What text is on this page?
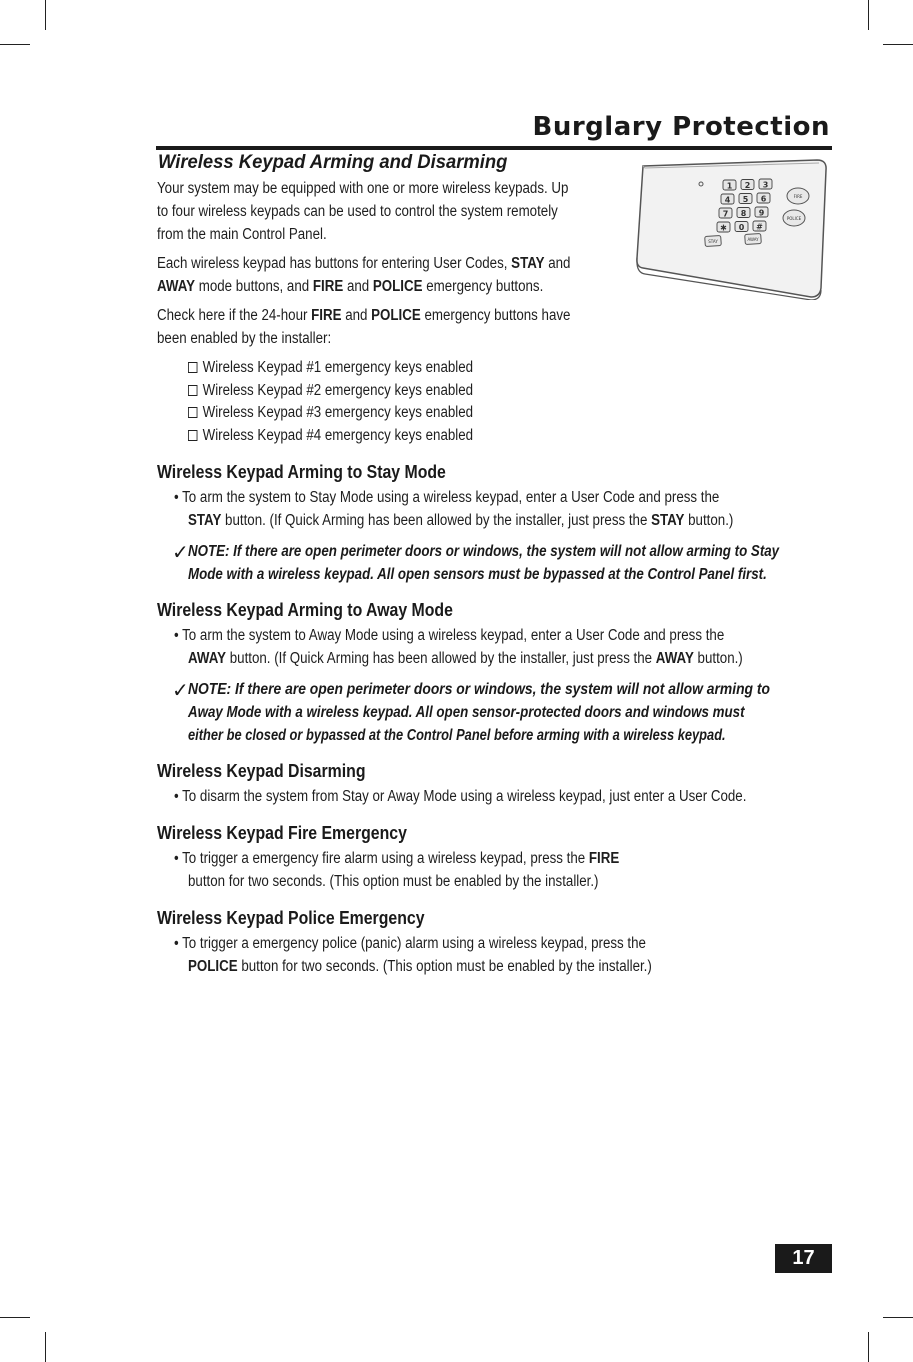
Burglary Protection
Wireless Keypad Arming and Disarming
Your system may be equipped with one or more wireless keypads. Up
to four wireless keypads can be used to control the system remotely
from the main Control Panel.
Each wireless keypad has buttons for entering User Codes, STAY and
AWAY mode buttons, and FIRE and POLICE emergency buttons.
Check here if the 24-hour FIRE and POLICE emergency buttons have
been enabled by the installer:
Wireless Keypad #1 emergency keys enabled
Wireless Keypad #2 emergency keys enabled
Wireless Keypad #3 emergency keys enabled
Wireless Keypad #4 emergency keys enabled
1 2 3
4 5 6
7 8 9
✱ 0 #
FIRE
POLICE
STAY	AWAY
Wireless Keypad Arming to Stay Mode
• To arm the system to Stay Mode using a wireless keypad, enter a User Code and press the
STAY button. (If Quick Arming has been allowed by the installer, just press the STAY button.)
✓ NOTE: If there are open perimeter doors or windows, the system will not allow arming to Stay
Mode with a wireless keypad. All open sensors must be bypassed at the Control Panel first.
Wireless Keypad Arming to Away Mode
• To arm the system to Away Mode using a wireless keypad, enter a User Code and press the
AWAY button. (If Quick Arming has been allowed by the installer, just press the AWAY button.)
✓ NOTE: If there are open perimeter doors or windows, the system will not allow arming to
Away Mode with a wireless keypad. All open sensor-protected doors and windows must
either be closed or bypassed at the Control Panel before arming with a wireless keypad.
Wireless Keypad Disarming
• To disarm the system from Stay or Away Mode using a wireless keypad, just enter a User Code.
Wireless Keypad Fire Emergency
• To trigger a emergency fire alarm using a wireless keypad, press the FIRE
button for two seconds. (This option must be enabled by the installer.)
Wireless Keypad Police Emergency
• To trigger a emergency police (panic) alarm using a wireless keypad, press the
POLICE button for two seconds. (This option must be enabled by the installer.)
17
